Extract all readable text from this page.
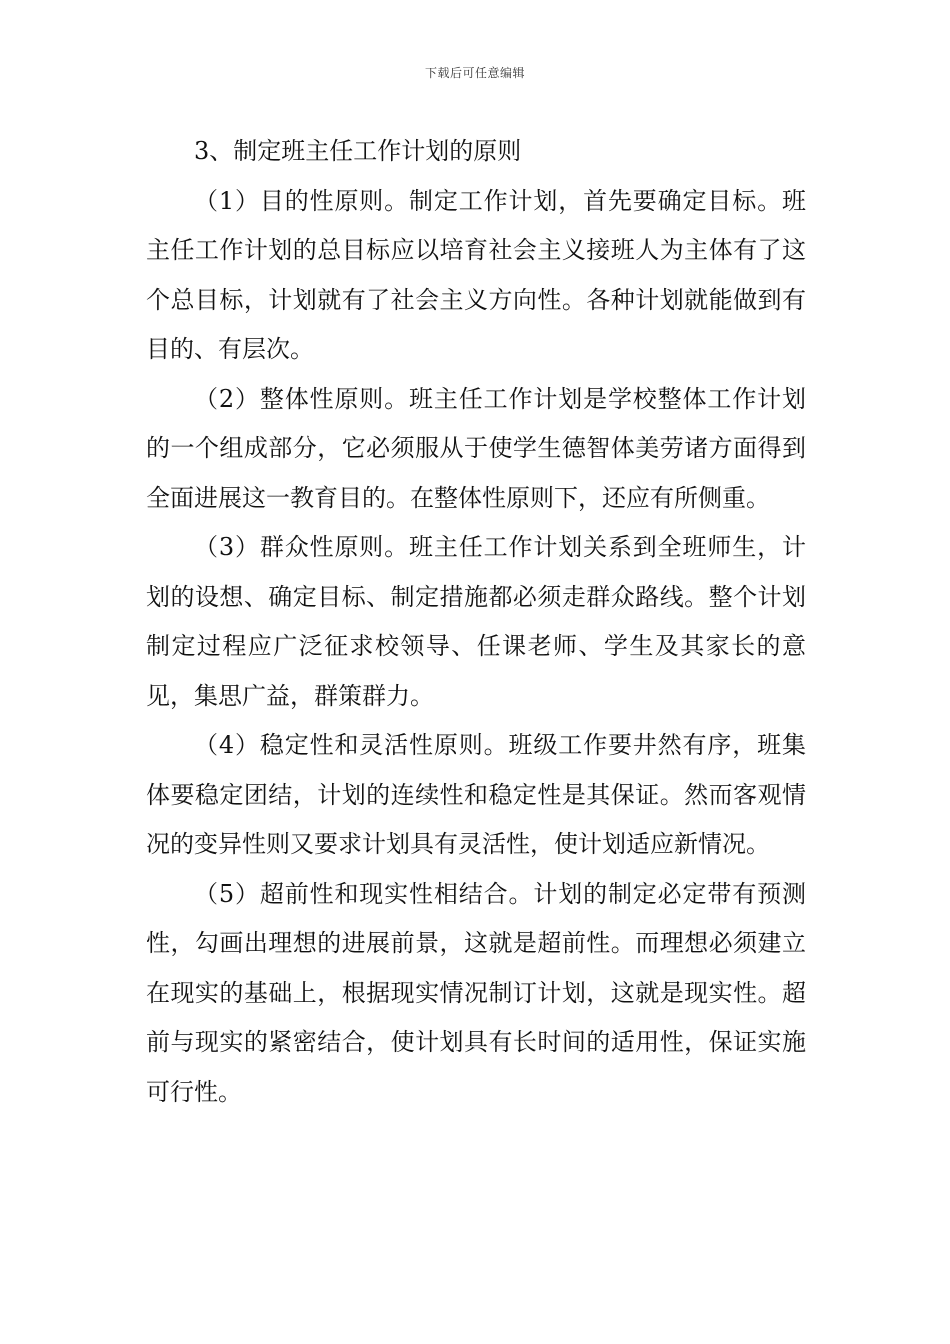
下载后可任意编辑

3、制定班主任工作计划的原则

（1）目的性原则。制定工作计划，首先要确定目标。班主任工作计划的总目标应以培育社会主义接班人为主体有了这个总目标，计划就有了社会主义方向性。各种计划就能做到有目的、有层次。

（2）整体性原则。班主任工作计划是学校整体工作计划的一个组成部分，它必须服从于使学生德智体美劳诸方面得到全面进展这一教育目的。在整体性原则下，还应有所侧重。

（3）群众性原则。班主任工作计划关系到全班师生，计划的设想、确定目标、制定措施都必须走群众路线。整个计划制定过程应广泛征求校领导、任课老师、学生及其家长的意见，集思广益，群策群力。

（4）稳定性和灵活性原则。班级工作要井然有序，班集体要稳定团结，计划的连续性和稳定性是其保证。然而客观情况的变异性则又要求计划具有灵活性，使计划适应新情况。

（5）超前性和现实性相结合。计划的制定必定带有预测性，勾画出理想的进展前景，这就是超前性。而理想必须建立在现实的基础上，根据现实情况制订计划，这就是现实性。超前与现实的紧密结合，使计划具有长时间的适用性，保证实施可行性。
